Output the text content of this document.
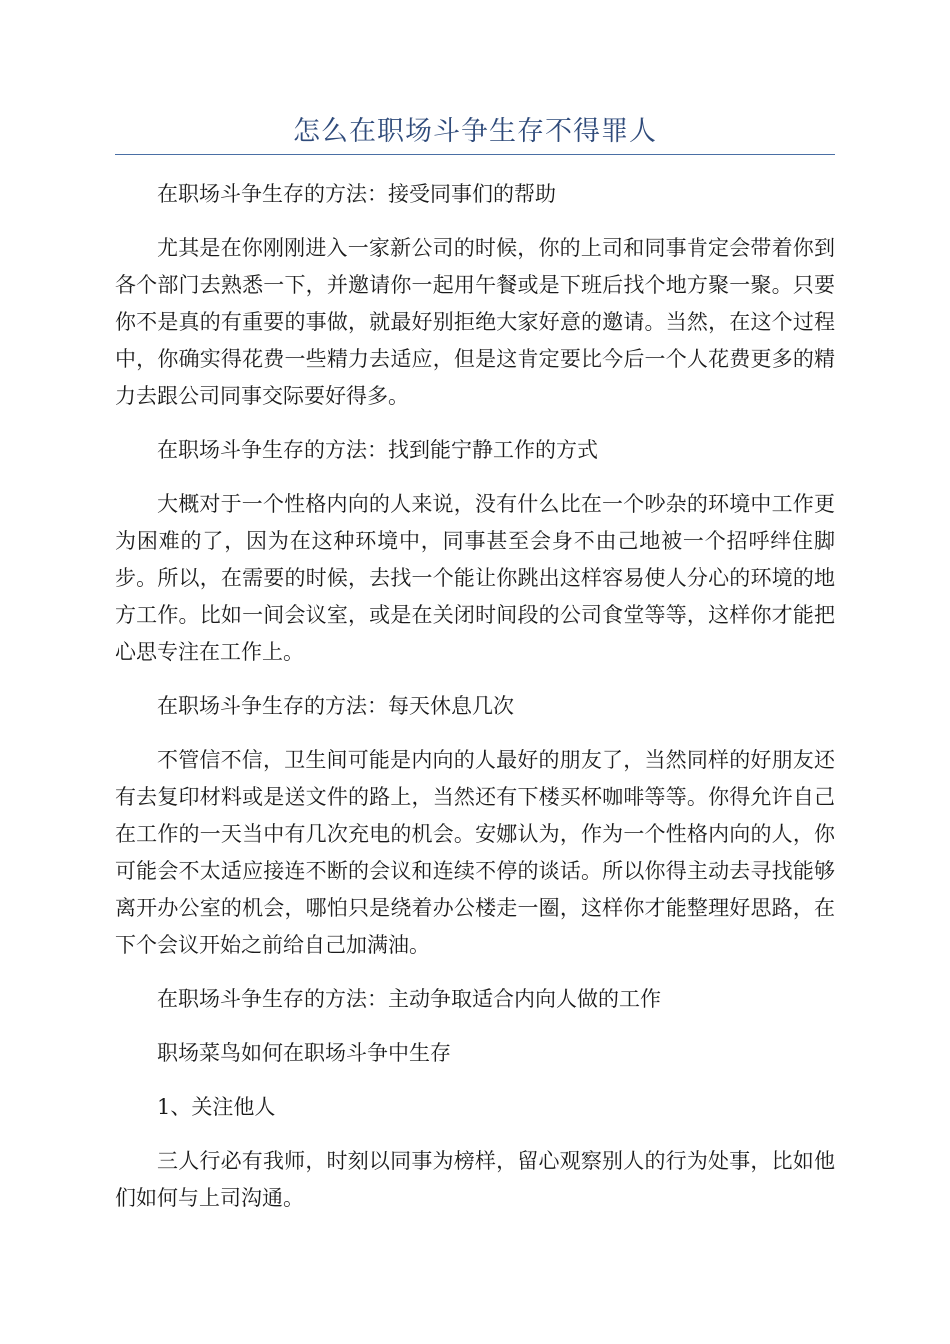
怎么在职场斗争生存不得罪人

在职场斗争生存的方法：接受同事们的帮助

尤其是在你刚刚进入一家新公司的时候，你的上司和同事肯定会带着你到各个部门去熟悉一下，并邀请你一起用午餐或是下班后找个地方聚一聚。只要你不是真的有重要的事做，就最好别拒绝大家好意的邀请。当然，在这个过程中，你确实得花费一些精力去适应，但是这肯定要比今后一个人花费更多的精力去跟公司同事交际要好得多。

在职场斗争生存的方法：找到能宁静工作的方式

大概对于一个性格内向的人来说，没有什么比在一个吵杂的环境中工作更为困难的了，因为在这种环境中，同事甚至会身不由己地被一个招呼绊住脚步。所以，在需要的时候，去找一个能让你跳出这样容易使人分心的环境的地方工作。比如一间会议室，或是在关闭时间段的公司食堂等等，这样你才能把心思专注在工作上。

在职场斗争生存的方法：每天休息几次

不管信不信，卫生间可能是内向的人最好的朋友了，当然同样的好朋友还有去复印材料或是送文件的路上，当然还有下楼买杯咖啡等等。你得允许自己在工作的一天当中有几次充电的机会。安娜认为，作为一个性格内向的人，你可能会不太适应接连不断的会议和连续不停的谈话。所以你得主动去寻找能够离开办公室的机会，哪怕只是绕着办公楼走一圈，这样你才能整理好思路，在下个会议开始之前给自己加满油。

在职场斗争生存的方法：主动争取适合内向人做的工作

职场菜鸟如何在职场斗争中生存

1、关注他人

三人行必有我师，时刻以同事为榜样，留心观察别人的行为处事，比如他们如何与上司沟通。
